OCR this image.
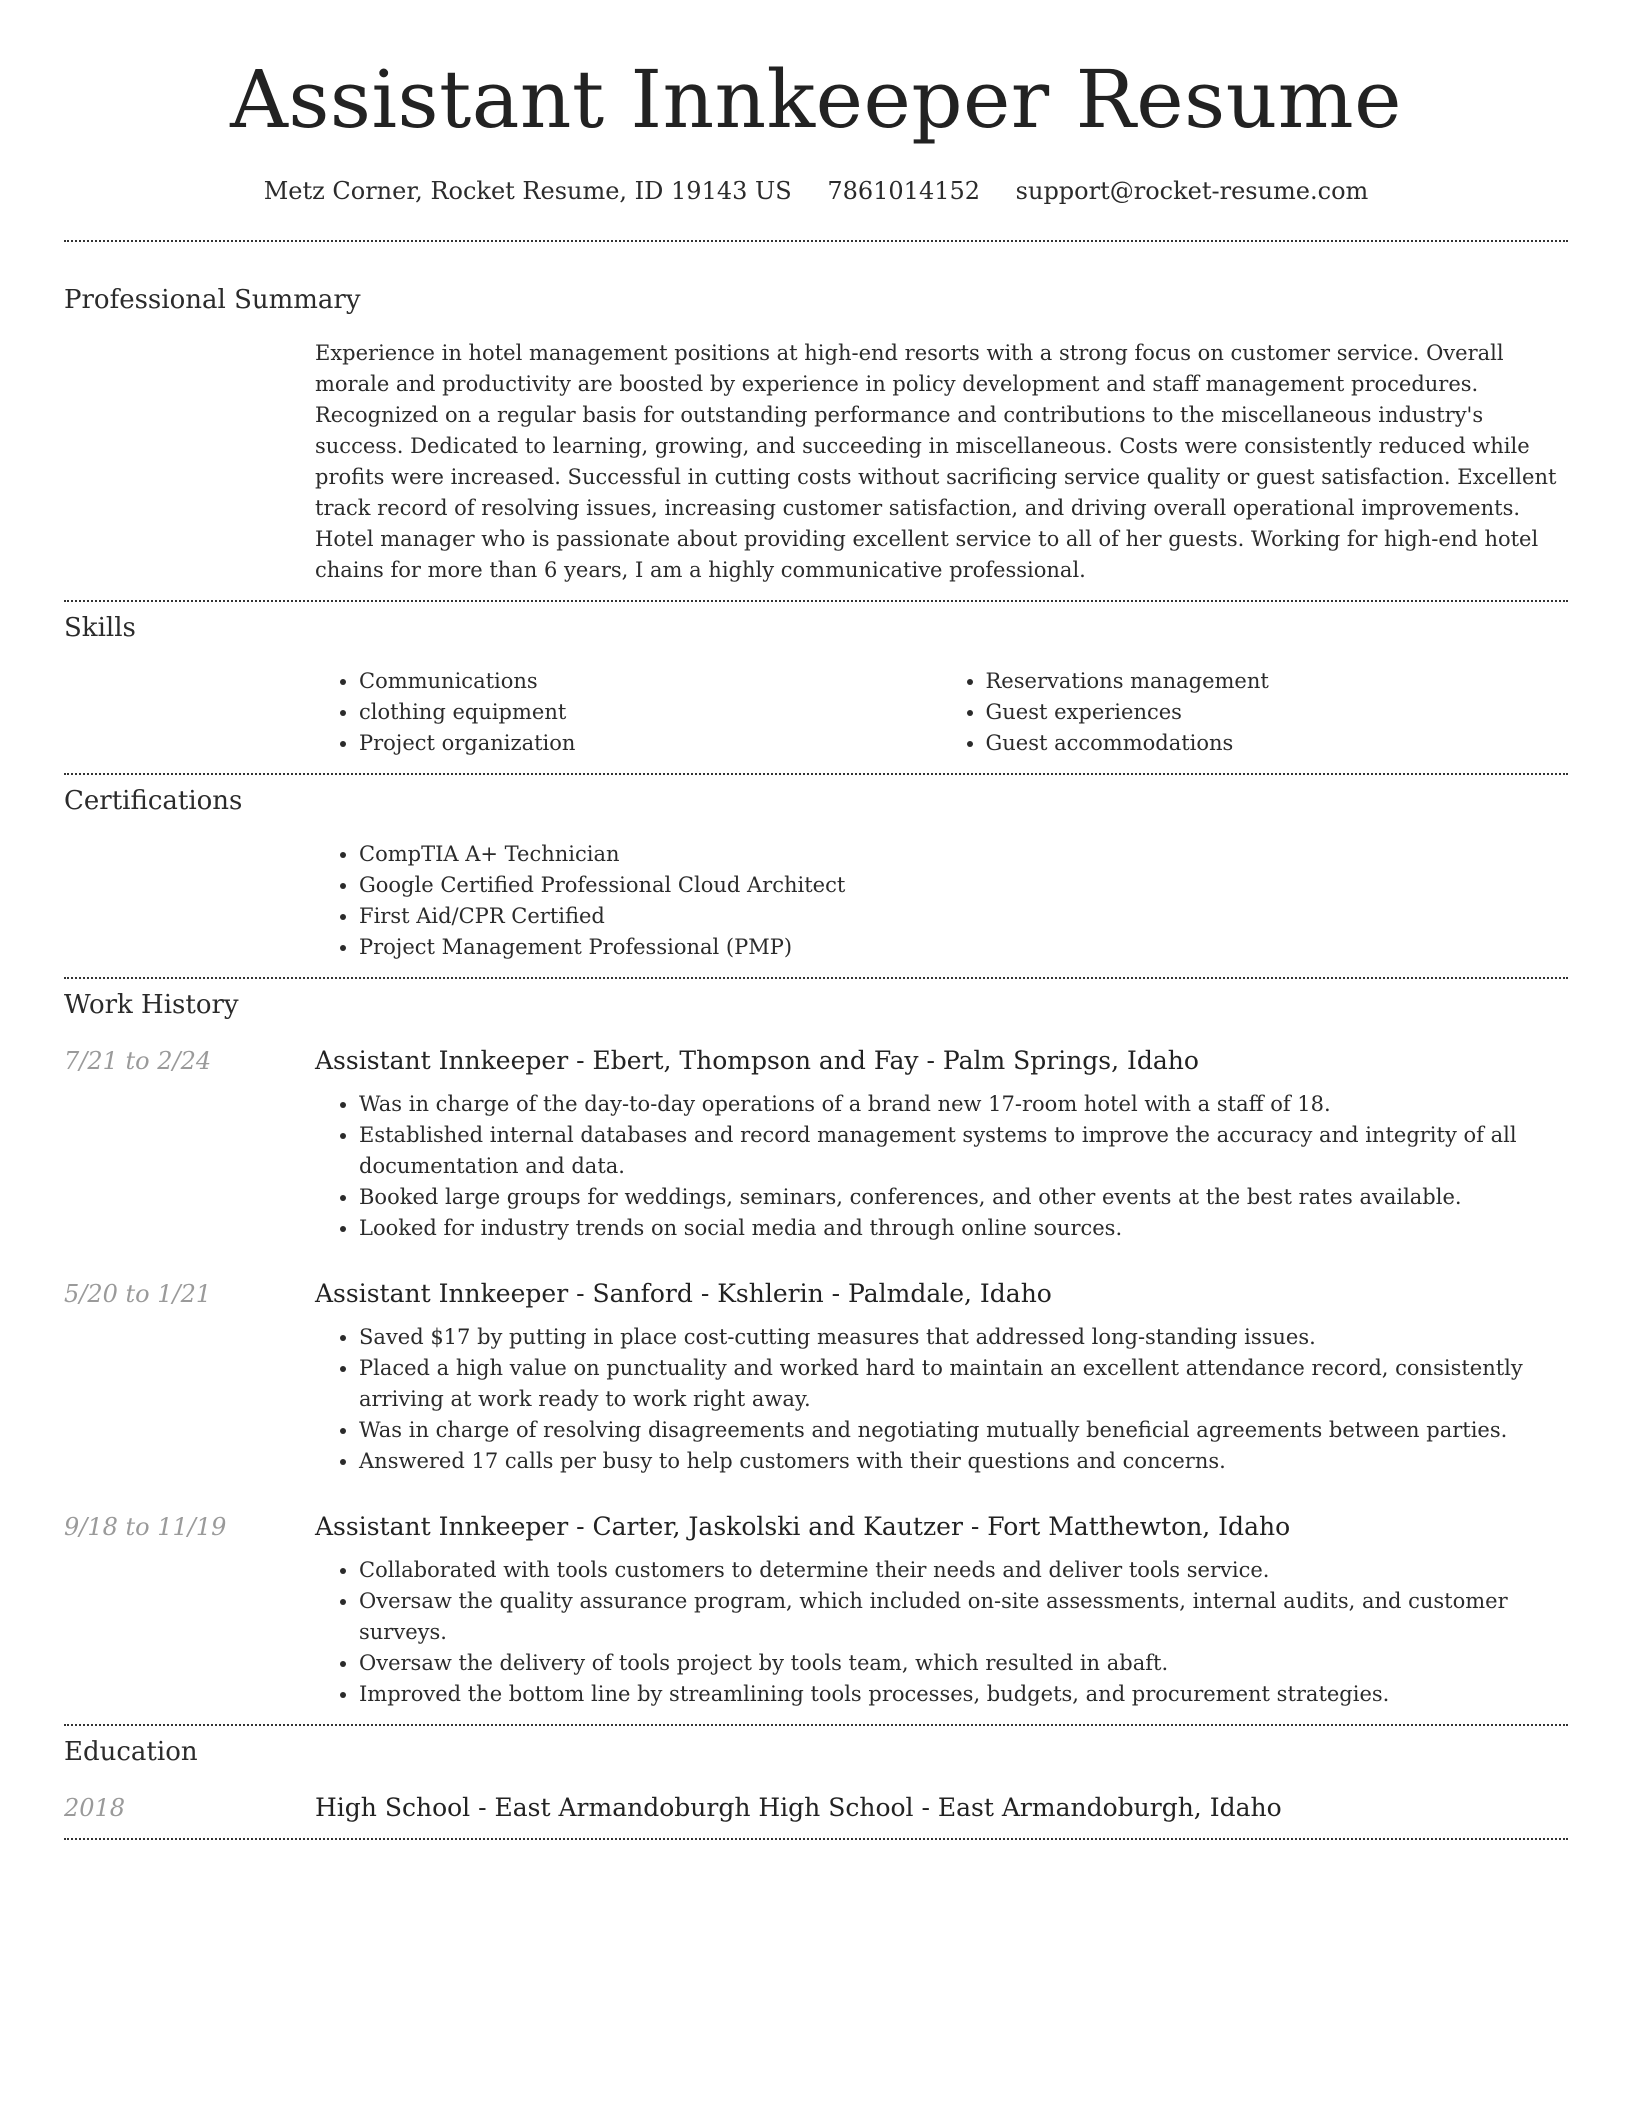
Assistant Innkeeper Resume
Metz Corner, Rocket Resume, ID 19143 US 7861014152 support@rocket-resume.com
Professional Summary

Experience in hotel management positions at high-end resorts with a strong focus on customer service. Overall morale and productivity are boosted by experience in policy development and staff management procedures. Recognized on a regular basis for outstanding performance and contributions to the miscellaneous industry's success. Dedicated to learning, growing, and succeeding in miscellaneous. Costs were consistently reduced while profits were increased. Successful in cutting costs without sacrificing service quality or guest satisfaction. Excellent track record of resolving issues, increasing customer satisfaction, and driving overall operational improvements. Hotel manager who is passionate about providing excellent service to all of her guests. Working for high-end hotel chains for more than 6 years, I am a highly communicative professional.

Skills
• Communications
• clothing equipment
• Project organization
• Reservations management
• Guest experiences
• Guest accommodations
Certifications
• CompTIA A+ Technician
• Google Certified Professional Cloud Architect
• First Aid/CPR Certified
• Project Management Professional (PMP)
Work History
7/21 to 2/24	Assistant Innkeeper - Ebert, Thompson and Fay - Palm Springs, Idaho
• Was in charge of the day-to-day operations of a brand new 17-room hotel with a staff of 18.
• Established internal databases and record management systems to improve the accuracy and integrity of all documentation and data.
• Booked large groups for weddings, seminars, conferences, and other events at the best rates available.
• Looked for industry trends on social media and through online sources.
5/20 to 1/21	Assistant Innkeeper - Sanford - Kshlerin - Palmdale, Idaho
• Saved $17 by putting in place cost-cutting measures that addressed long-standing issues.
• Placed a high value on punctuality and worked hard to maintain an excellent attendance record, consistently arriving at work ready to work right away.
• Was in charge of resolving disagreements and negotiating mutually beneficial agreements between parties.
• Answered 17 calls per busy to help customers with their questions and concerns.
9/18 to 11/19	Assistant Innkeeper - Carter, Jaskolski and Kautzer - Fort Matthewton, Idaho
• Collaborated with tools customers to determine their needs and deliver tools service.
• Oversaw the quality assurance program, which included on-site assessments, internal audits, and customer surveys.
• Oversaw the delivery of tools project by tools team, which resulted in abaft.
• Improved the bottom line by streamlining tools processes, budgets, and procurement strategies.
Education
2018	High School - East Armandoburgh High School - East Armandoburgh, Idaho
